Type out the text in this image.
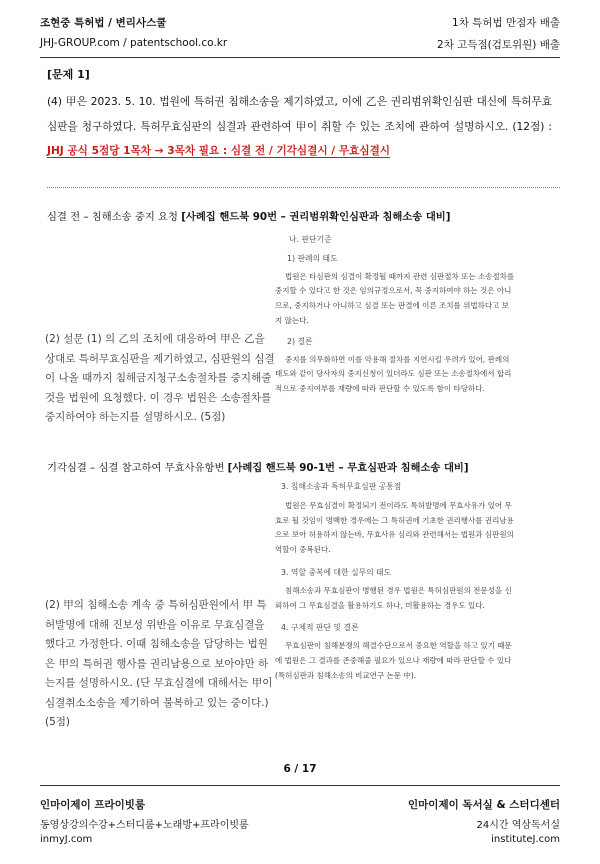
조현중 특허법 / 변리사스쿨	1차 특허법 만점자 배출
JHJ-GROUP.com / patentschool.co.kr	2차 고득점(검토위원) 배출
[문제 1]
(4) 甲은 2023. 5. 10. 법원에 특허권 침해소송을 제기하였고, 이에 乙은 권리범위확인심판 대신에 특허무효심판을 청구하였다. 특허무효심판의 심결과 관련하여 甲이 취할 수 있는 조치에 관하여 설명하시오. (12점) : JHJ 공식 5점당 1목차 → 3목차 필요 : 심결 전 / 기각심결시 / 무효심결시
심결 전 – 침해소송 중지 요청 [사례집 핸드북 90번 – 권리범위확인심판과 침해소송 대비]
나. 판단기준
1) 판례의 태도

법원은 타심판의 심결이 확정될 때까지 관련 심판절차 또는 소송절차를 중지할 수 있다고 한 것은 임의규정으로서, 꼭 중지하여야 하는 것은 아니므로, 중지하거나 아니하고 심결 또는 판결에 이른 조치를 위법하다고 보지 않는다.

2) 결론

중지를 의무화하면 이를 악용해 절차를 지연시킬 우려가 있어, 판례의 태도와 같이 당사자의 중지신청이 있더라도 심판 또는 소송절차에서 합리적으로 중지여부를 재량에 따라 판단할 수 있도록 함이 타당하다.

(2) 설문 (1) 의 乙의 조치에 대응하여 甲은 乙을 상대로 특허무효심판을 제기하였고, 심판원의 심결이 나올 때까지 침해금지청구소송절차를 중지해줄 것을 법원에 요청했다. 이 경우 법원은 소송절차를 중지하여야 하는지를 설명하시오. (5점)
기각심결 – 심결 참고하여 무효사유항변 [사례집 핸드북 90-1번 – 무효심판과 침해소송 대비]
3. 침해소송과 특허무효심판 공통점

법원은 무효심결이 확정되기 전이라도 특허발명에 무효사유가 있어 무효로 될 것임이 명백한 경우에는 그 특허권에 기초한 권리행사를 권리남용으로 보아 허용하지 않는바, 무효사유 심리와 관련해서는 법원과 심판원의 역할이 중복된다.

3. 역할 중복에 대한 실무의 태도

침해소송과 무효심판이 병행된 경우 법원은 특허심판원의 전문성을 신뢰하여 그 무효심결을 활용하기도 하나, 미활용하는 경우도 있다.

4. 구체적 판단 및 결론

무효심판이 침해분쟁의 해결수단으로서 중요한 역할을 하고 있기 때문에 법원은 그 결과를 존중해줄 필요가 있으나 재량에 따라 판단할 수 있다(특허심판과 침해소송의 비교연구 논문 中).

(2) 甲의 침해소송 계속 중 특허심판원에서 甲 특허발명에 대해 진보성 위반을 이유로 무효심결을 했다고 가정한다. 이때 침해소송을 담당하는 법원은 甲의 특허권 행사를 권리남용으로 보아야만 하는지를 설명하시오. (단 무효심결에 대해서는 甲이 심결취소소송을 제기하여 불복하고 있는 중이다.) (5점)
6 / 17
인마이제이 프라이빗룸	인마이제이 독서실 & 스터디센터
동영상강의수강+스터디룸+노래방+프라이빗룸	24시간 역삼독서실
inmyJ.com	instituteJ.com
